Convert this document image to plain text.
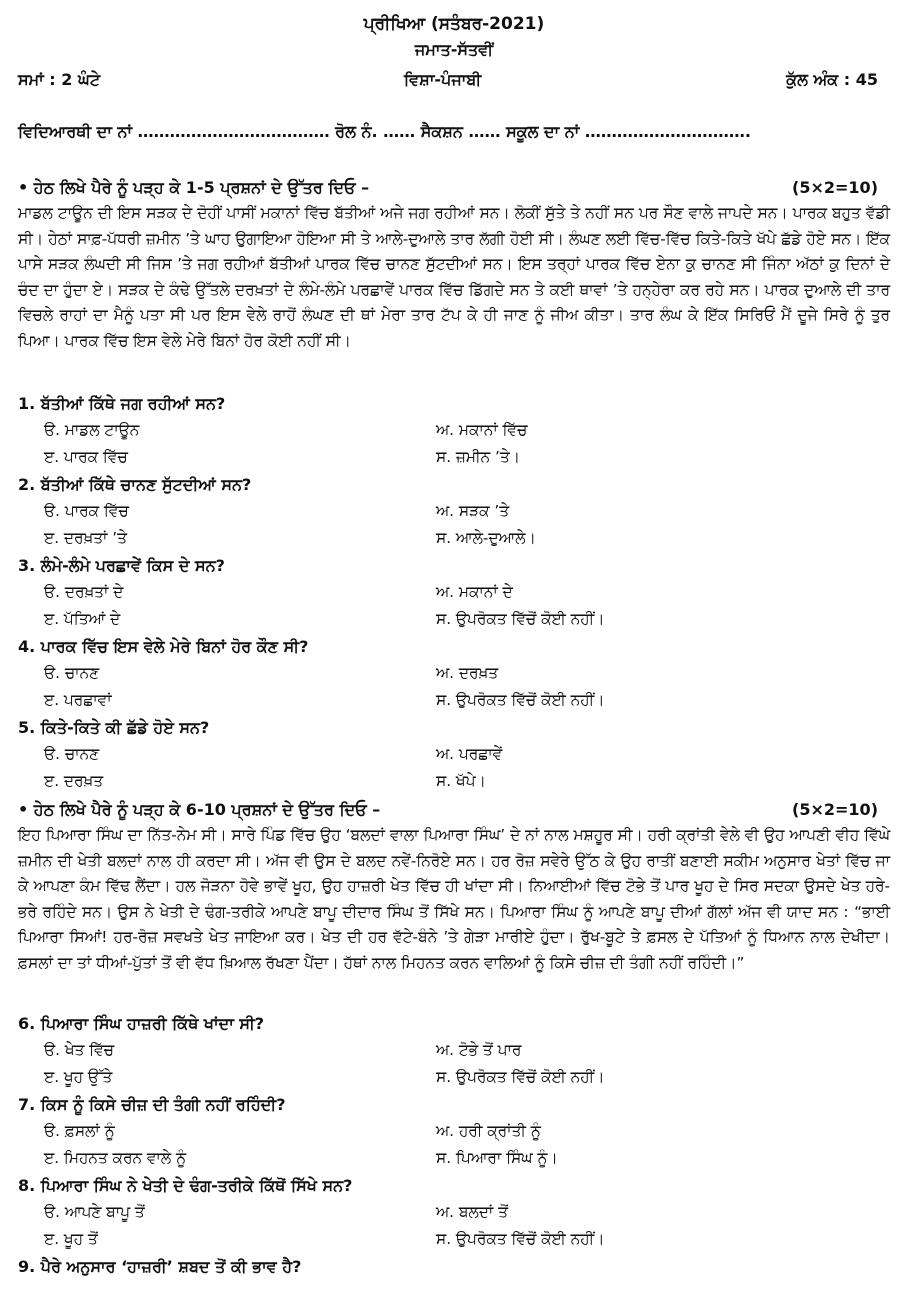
ਪ੍ਰੀਖਿਆ (ਸਤੰਬਰ-2021)
ਜਮਾਤ-ਸੱਤਵੀਂ
ਸਮਾਂ : 2 ਘੰਟੇ	ਵਿਸ਼ਾ-ਪੰਜਾਬੀ	ਕੁੱਲ ਅੰਕ : 45
ਵਿਦਿਆਰਥੀ ਦਾ ਨਾਂ ……………………………… ਰੋਲ ਨੰ. …… ਸੈਕਸ਼ਨ …… ਸਕੂਲ ਦਾ ਨਾਂ ………………………….
• ਹੇਠ ਲਿਖੇ ਪੈਰੇ ਨੂੰ ਪੜ੍ਹ ਕੇ 1-5 ਪ੍ਰਸ਼ਨਾਂ ਦੇ ਉੱਤਰ ਦਿਓ –	(5×2=10)
ਮਾਡਲ ਟਾਊਨ ਦੀ ਇਸ ਸੜਕ ਦੇ ਦੋਹੀਂ ਪਾਸੀਂ ਮਕਾਨਾਂ ਵਿੱਚ ਬੱਤੀਆਂ ਅਜੇ ਜਗ ਰਹੀਆਂ ਸਨ। ਲੋਕੀਂ ਸੁੱਤੇ ਤੇ ਨਹੀਂ ਸਨ ਪਰ ਸੌਣ ਵਾਲੇ ਜਾਪਦੇ ਸਨ। ਪਾਰਕ ਬਹੁਤ ਵੱਡੀ ਸੀ। ਹੇਠਾਂ ਸਾਫ਼-ਪੱਧਰੀ ਜ਼ਮੀਨ ’ਤੇ ਘਾਹ ਉਗਾਇਆ ਹੋਇਆ ਸੀ ਤੇ ਆਲੇ-ਦੁਆਲੇ ਤਾਰ ਲੱਗੀ ਹੋਈ ਸੀ। ਲੰਘਣ ਲਈ ਵਿੱਚ-ਵਿੱਚ ਕਿਤੇ-ਕਿਤੇ ਖੱਪੇ ਛੱਡੇ ਹੋਏ ਸਨ। ਇੱਕ ਪਾਸੇ ਸੜਕ ਲੰਘਦੀ ਸੀ ਜਿਸ ’ਤੇ ਜਗ ਰਹੀਆਂ ਬੱਤੀਆਂ ਪਾਰਕ ਵਿੱਚ ਚਾਨਣ ਸੁੱਟਦੀਆਂ ਸਨ। ਇਸ ਤਰ੍ਹਾਂ ਪਾਰਕ ਵਿੱਚ ਏਨਾ ਕੁ ਚਾਨਣ ਸੀ ਜਿੰਨਾ ਅੱਠਾਂ ਕੁ ਦਿਨਾਂ ਦੇ ਚੰਦ ਦਾ ਹੁੰਦਾ ਏ। ਸੜਕ ਦੇ ਕੰਢੇ ਉੱਤਲੇ ਦਰਖ਼ਤਾਂ ਦੇ ਲੰਮੇ-ਲੰਮੇ ਪਰਛਾਵੇਂ ਪਾਰਕ ਵਿੱਚ ਡਿੱਗਦੇ ਸਨ ਤੇ ਕਈ ਥਾਵਾਂ ’ਤੇ ਹਨ੍ਹੇਰਾ ਕਰ ਰਹੇ ਸਨ। ਪਾਰਕ ਦੁਆਲੇ ਦੀ ਤਾਰ ਵਿਚਲੇ ਰਾਹਾਂ ਦਾ ਮੈਨੂੰ ਪਤਾ ਸੀ ਪਰ ਇਸ ਵੇਲੇ ਰਾਹੋਂ ਲੰਘਣ ਦੀ ਥਾਂ ਮੇਰਾ ਤਾਰ ਟੱਪ ਕੇ ਹੀ ਜਾਣ ਨੂੰ ਜੀਅ ਕੀਤਾ। ਤਾਰ ਲੰਘ ਕੇ ਇੱਕ ਸਿਰਿਓਂ ਮੈਂ ਦੂਜੇ ਸਿਰੇ ਨੂੰ ਤੁਰ ਪਿਆ। ਪਾਰਕ ਵਿੱਚ ਇਸ ਵੇਲੇ ਮੇਰੇ ਬਿਨਾਂ ਹੋਰ ਕੋਈ ਨਹੀਂ ਸੀ।
1. ਬੱਤੀਆਂ ਕਿੱਥੇ ਜਗ ਰਹੀਆਂ ਸਨ?
ੳ. ਮਾਡਲ ਟਾਊਨ	ਅ. ਮਕਾਨਾਂ ਵਿੱਚ
ੲ. ਪਾਰਕ ਵਿੱਚ	ਸ. ਜ਼ਮੀਨ ’ਤੇ।
2. ਬੱਤੀਆਂ ਕਿੱਥੇ ਚਾਨਣ ਸੁੱਟਦੀਆਂ ਸਨ?
ੳ. ਪਾਰਕ ਵਿੱਚ	ਅ. ਸੜਕ ’ਤੇ
ੲ. ਦਰਖ਼ਤਾਂ ’ਤੇ	ਸ. ਆਲੇ-ਦੁਆਲੇ।
3. ਲੰਮੇ-ਲੰਮੇ ਪਰਛਾਵੇਂ ਕਿਸ ਦੇ ਸਨ?
ੳ. ਦਰਖ਼ਤਾਂ ਦੇ	ਅ. ਮਕਾਨਾਂ ਦੇ
ੲ. ਪੱਤਿਆਂ ਦੇ	ਸ. ਉਪਰੋਕਤ ਵਿੱਚੋਂ ਕੋਈ ਨਹੀਂ।
4. ਪਾਰਕ ਵਿੱਚ ਇਸ ਵੇਲੇ ਮੇਰੇ ਬਿਨਾਂ ਹੋਰ ਕੌਣ ਸੀ?
ੳ. ਚਾਨਣ	ਅ. ਦਰਖ਼ਤ
ੲ. ਪਰਛਾਵਾਂ	ਸ. ਉਪਰੋਕਤ ਵਿੱਚੋਂ ਕੋਈ ਨਹੀਂ।
5. ਕਿਤੇ-ਕਿਤੇ ਕੀ ਛੱਡੇ ਹੋਏ ਸਨ?
ੳ. ਚਾਨਣ	ਅ. ਪਰਛਾਵੇਂ
ੲ. ਦਰਖ਼ਤ	ਸ. ਖੱਪੇ।
• ਹੇਠ ਲਿਖੇ ਪੈਰੇ ਨੂੰ ਪੜ੍ਹ ਕੇ 6-10 ਪ੍ਰਸ਼ਨਾਂ ਦੇ ਉੱਤਰ ਦਿਓ –	(5×2=10)
ਇਹ ਪਿਆਰਾ ਸਿੰਘ ਦਾ ਨਿੱਤ-ਨੇਮ ਸੀ। ਸਾਰੇ ਪਿੰਡ ਵਿੱਚ ਉਹ ‘ਬਲਦਾਂ ਵਾਲਾ ਪਿਆਰਾ ਸਿੰਘ’ ਦੇ ਨਾਂ ਨਾਲ ਮਸ਼ਹੂਰ ਸੀ। ਹਰੀ ਕ੍ਰਾਂਤੀ ਵੇਲੇ ਵੀ ਉਹ ਆਪਣੀ ਵੀਹ ਵਿੱਘੇ ਜ਼ਮੀਨ ਦੀ ਖੇਤੀ ਬਲਦਾਂ ਨਾਲ ਹੀ ਕਰਦਾ ਸੀ। ਅੱਜ ਵੀ ਉਸ ਦੇ ਬਲਦ ਨਵੇਂ-ਨਿਰੋਏ ਸਨ। ਹਰ ਰੋਜ਼ ਸਵੇਰੇ ਉੱਠ ਕੇ ਉਹ ਰਾਤੀਂ ਬਣਾਈ ਸਕੀਮ ਅਨੁਸਾਰ ਖੇਤਾਂ ਵਿੱਚ ਜਾ ਕੇ ਆਪਣਾ ਕੰਮ ਵਿੱਢ ਲੈਂਦਾ। ਹਲ ਜੋੜਨਾ ਹੋਵੇ ਭਾਵੇਂ ਖੂਹ, ਉਹ ਹਾਜ਼ਰੀ ਖੇਤ ਵਿੱਚ ਹੀ ਖਾਂਦਾ ਸੀ। ਨਿਆਈਆਂ ਵਿੱਚ ਟੋਭੇ ਤੋਂ ਪਾਰ ਖੂਹ ਦੇ ਸਿਰ ਸਦਕਾ ਉਸਦੇ ਖੇਤ ਹਰੇ-ਭਰੇ ਰਹਿੰਦੇ ਸਨ। ਉਸ ਨੇ ਖੇਤੀ ਦੇ ਢੰਗ-ਤਰੀਕੇ ਆਪਣੇ ਬਾਪੂ ਦੀਦਾਰ ਸਿੰਘ ਤੋਂ ਸਿੱਖੇ ਸਨ। ਪਿਆਰਾ ਸਿੰਘ ਨੂੰ ਆਪਣੇ ਬਾਪੂ ਦੀਆਂ ਗੱਲਾਂ ਅੱਜ ਵੀ ਯਾਦ ਸਨ : “ਭਾਈ ਪਿਆਰਾ ਸਿਆਂ! ਹਰ-ਰੋਜ਼ ਸਵਖਤੇ ਖੇਤ ਜਾਇਆ ਕਰ। ਖੇਤ ਦੀ ਹਰ ਵੱਟੇ-ਬੰਨੇ ’ਤੇ ਗੇੜਾ ਮਾਰੀਏ ਹੁੰਦਾ। ਰੁੱਖ-ਬੂਟੇ ਤੇ ਫ਼ਸਲ ਦੇ ਪੱਤਿਆਂ ਨੂੰ ਧਿਆਨ ਨਾਲ ਦੇਖੀਦਾ। ਫ਼ਸਲਾਂ ਦਾ ਤਾਂ ਧੀਆਂ-ਪੁੱਤਾਂ ਤੋਂ ਵੀ ਵੱਧ ਖ਼ਿਆਲ ਰੱਖਣਾ ਪੈਂਦਾ। ਹੱਥਾਂ ਨਾਲ ਮਿਹਨਤ ਕਰਨ ਵਾਲਿਆਂ ਨੂੰ ਕਿਸੇ ਚੀਜ਼ ਦੀ ਤੰਗੀ ਨਹੀਂ ਰਹਿੰਦੀ।”
6. ਪਿਆਰਾ ਸਿੰਘ ਹਾਜ਼ਰੀ ਕਿੱਥੇ ਖਾਂਦਾ ਸੀ?
ੳ. ਖੇਤ ਵਿੱਚ	ਅ. ਟੋਭੇ ਤੋਂ ਪਾਰ
ੲ. ਖੂਹ ਉੱਤੇ	ਸ. ਉਪਰੋਕਤ ਵਿੱਚੋਂ ਕੋਈ ਨਹੀਂ।
7. ਕਿਸ ਨੂੰ ਕਿਸੇ ਚੀਜ਼ ਦੀ ਤੰਗੀ ਨਹੀਂ ਰਹਿੰਦੀ?
ੳ. ਫ਼ਸਲਾਂ ਨੂੰ	ਅ. ਹਰੀ ਕ੍ਰਾਂਤੀ ਨੂੰ
ੲ. ਮਿਹਨਤ ਕਰਨ ਵਾਲੇ ਨੂੰ	ਸ. ਪਿਆਰਾ ਸਿੰਘ ਨੂੰ।
8. ਪਿਆਰਾ ਸਿੰਘ ਨੇ ਖੇਤੀ ਦੇ ਢੰਗ-ਤਰੀਕੇ ਕਿੱਥੋਂ ਸਿੱਖੇ ਸਨ?
ੳ. ਆਪਣੇ ਬਾਪੂ ਤੋਂ	ਅ. ਬਲਦਾਂ ਤੋਂ
ੲ. ਖੂਹ ਤੋਂ	ਸ. ਉਪਰੋਕਤ ਵਿੱਚੋਂ ਕੋਈ ਨਹੀਂ।
9. ਪੈਰੇ ਅਨੁਸਾਰ ‘ਹਾਜ਼ਰੀ’ ਸ਼ਬਦ ਤੋਂ ਕੀ ਭਾਵ ਹੈ?
